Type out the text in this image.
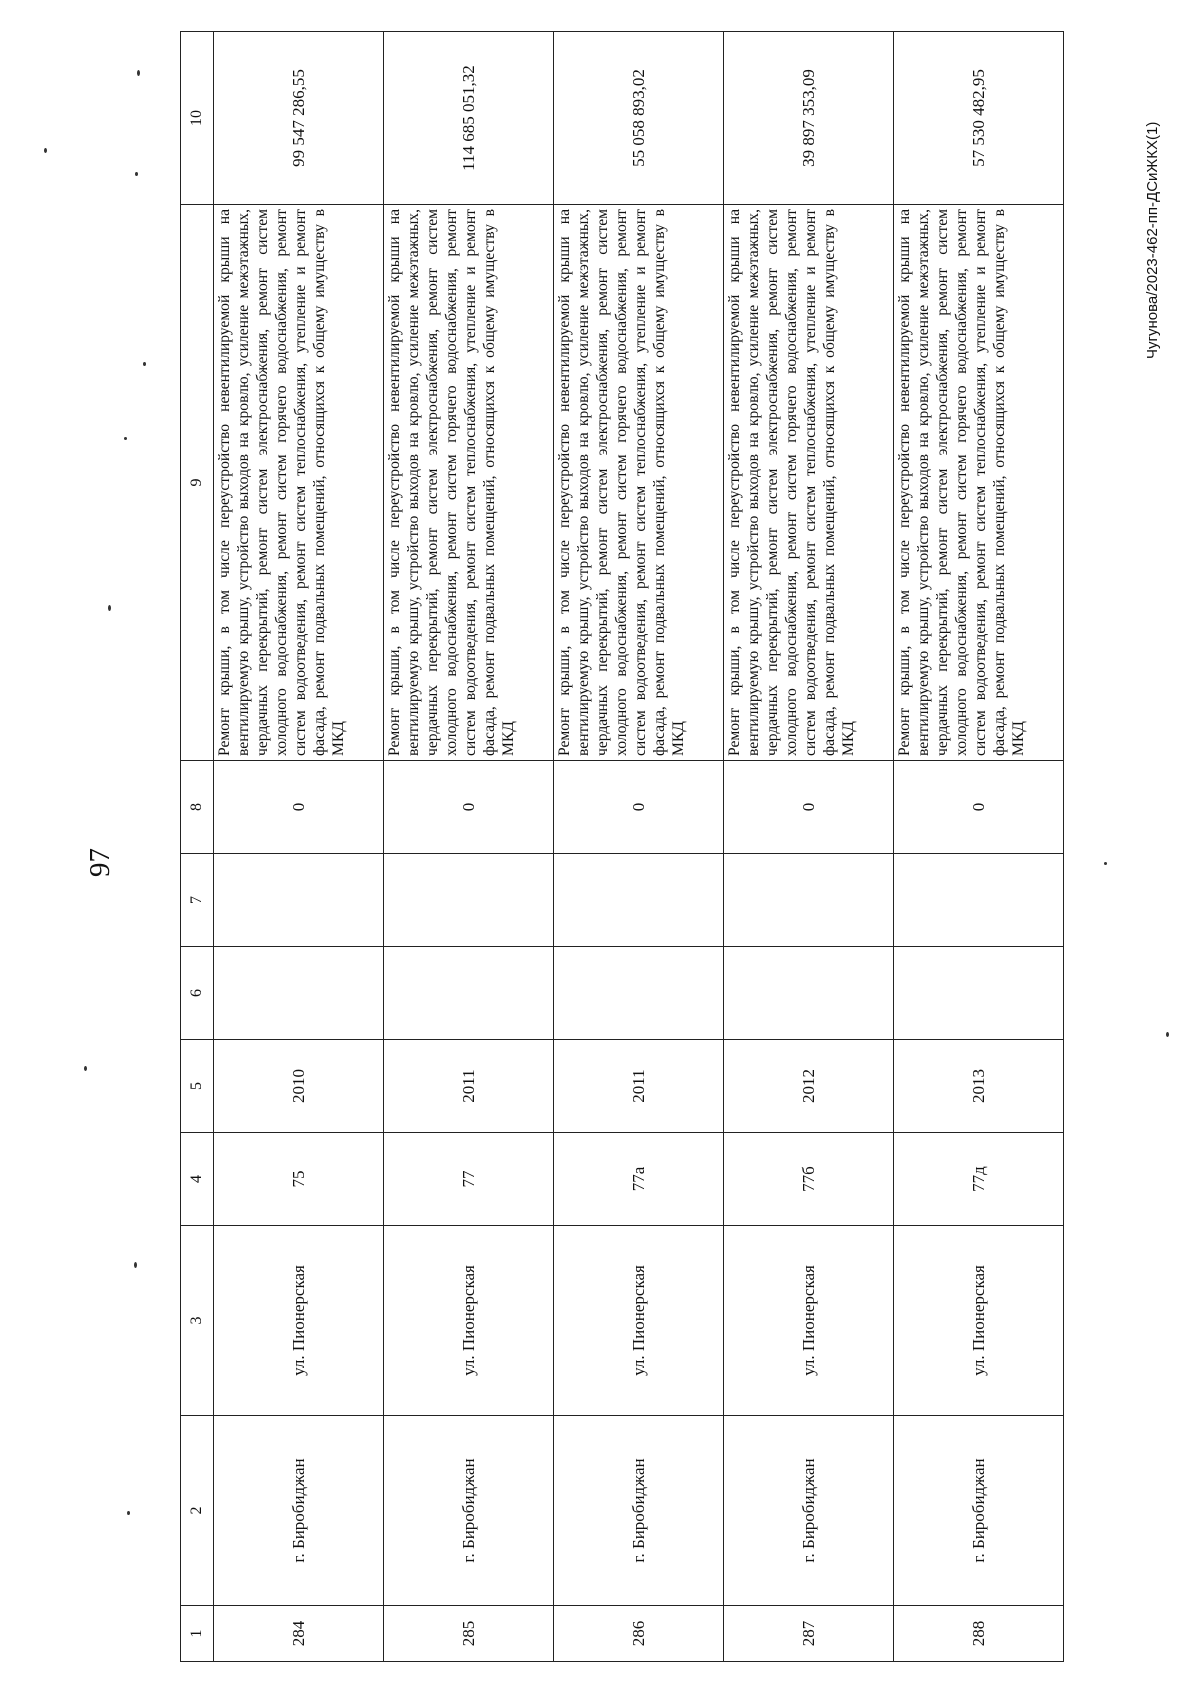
97
1	2	3	4	5	6	7	8	9	10
284	г. Биробиджан	ул. Пионерская	75	2010			0	Ремонт крыши, в том числе переустройство невентилируемой крыши на вентилируемую крышу, устройство выходов на кровлю, усиление межэтажных, чердачных перекрытий, ремонт систем электроснабжения, ремонт систем холодного водоснабжения, ремонт систем горячего водоснабжения, ремонт систем водоотведения, ремонт систем теплоснабжения, утепление и ремонт фасада, ремонт подвальных помещений, относящихся к общему имуществу в МКД	99 547 286,55
285	г. Биробиджан	ул. Пионерская	77	2011			0	Ремонт крыши, в том числе переустройство невентилируемой крыши на вентилируемую крышу, устройство выходов на кровлю, усиление межэтажных, чердачных перекрытий, ремонт систем электроснабжения, ремонт систем холодного водоснабжения, ремонт систем горячего водоснабжения, ремонт систем водоотведения, ремонт систем теплоснабжения, утепление и ремонт фасада, ремонт подвальных помещений, относящихся к общему имуществу в МКД	114 685 051,32
286	г. Биробиджан	ул. Пионерская	77а	2011			0	Ремонт крыши, в том числе переустройство невентилируемой крыши на вентилируемую крышу, устройство выходов на кровлю, усиление межэтажных, чердачных перекрытий, ремонт систем электроснабжения, ремонт систем холодного водоснабжения, ремонт систем горячего водоснабжения, ремонт систем водоотведения, ремонт систем теплоснабжения, утепление и ремонт фасада, ремонт подвальных помещений, относящихся к общему имуществу в МКД	55 058 893,02
287	г. Биробиджан	ул. Пионерская	77б	2012			0	Ремонт крыши, в том числе переустройство невентилируемой крыши на вентилируемую крышу, устройство выходов на кровлю, усиление межэтажных, чердачных перекрытий, ремонт систем электроснабжения, ремонт систем холодного водоснабжения, ремонт систем горячего водоснабжения, ремонт систем водоотведения, ремонт систем теплоснабжения, утепление и ремонт фасада, ремонт подвальных помещений, относящихся к общему имуществу в МКД	39 897 353,09
288	г. Биробиджан	ул. Пионерская	77д	2013			0	Ремонт крыши, в том числе переустройство невентилируемой крыши на вентилируемую крышу, устройство выходов на кровлю, усиление межэтажных, чердачных перекрытий, ремонт систем электроснабжения, ремонт систем холодного водоснабжения, ремонт систем горячего водоснабжения, ремонт систем водоотведения, ремонт систем теплоснабжения, утепление и ремонт фасада, ремонт подвальных помещений, относящихся к общему имуществу в МКД	57 530 482,95
Чугунова/2023-462-пп-ДСиЖКХ(1)
